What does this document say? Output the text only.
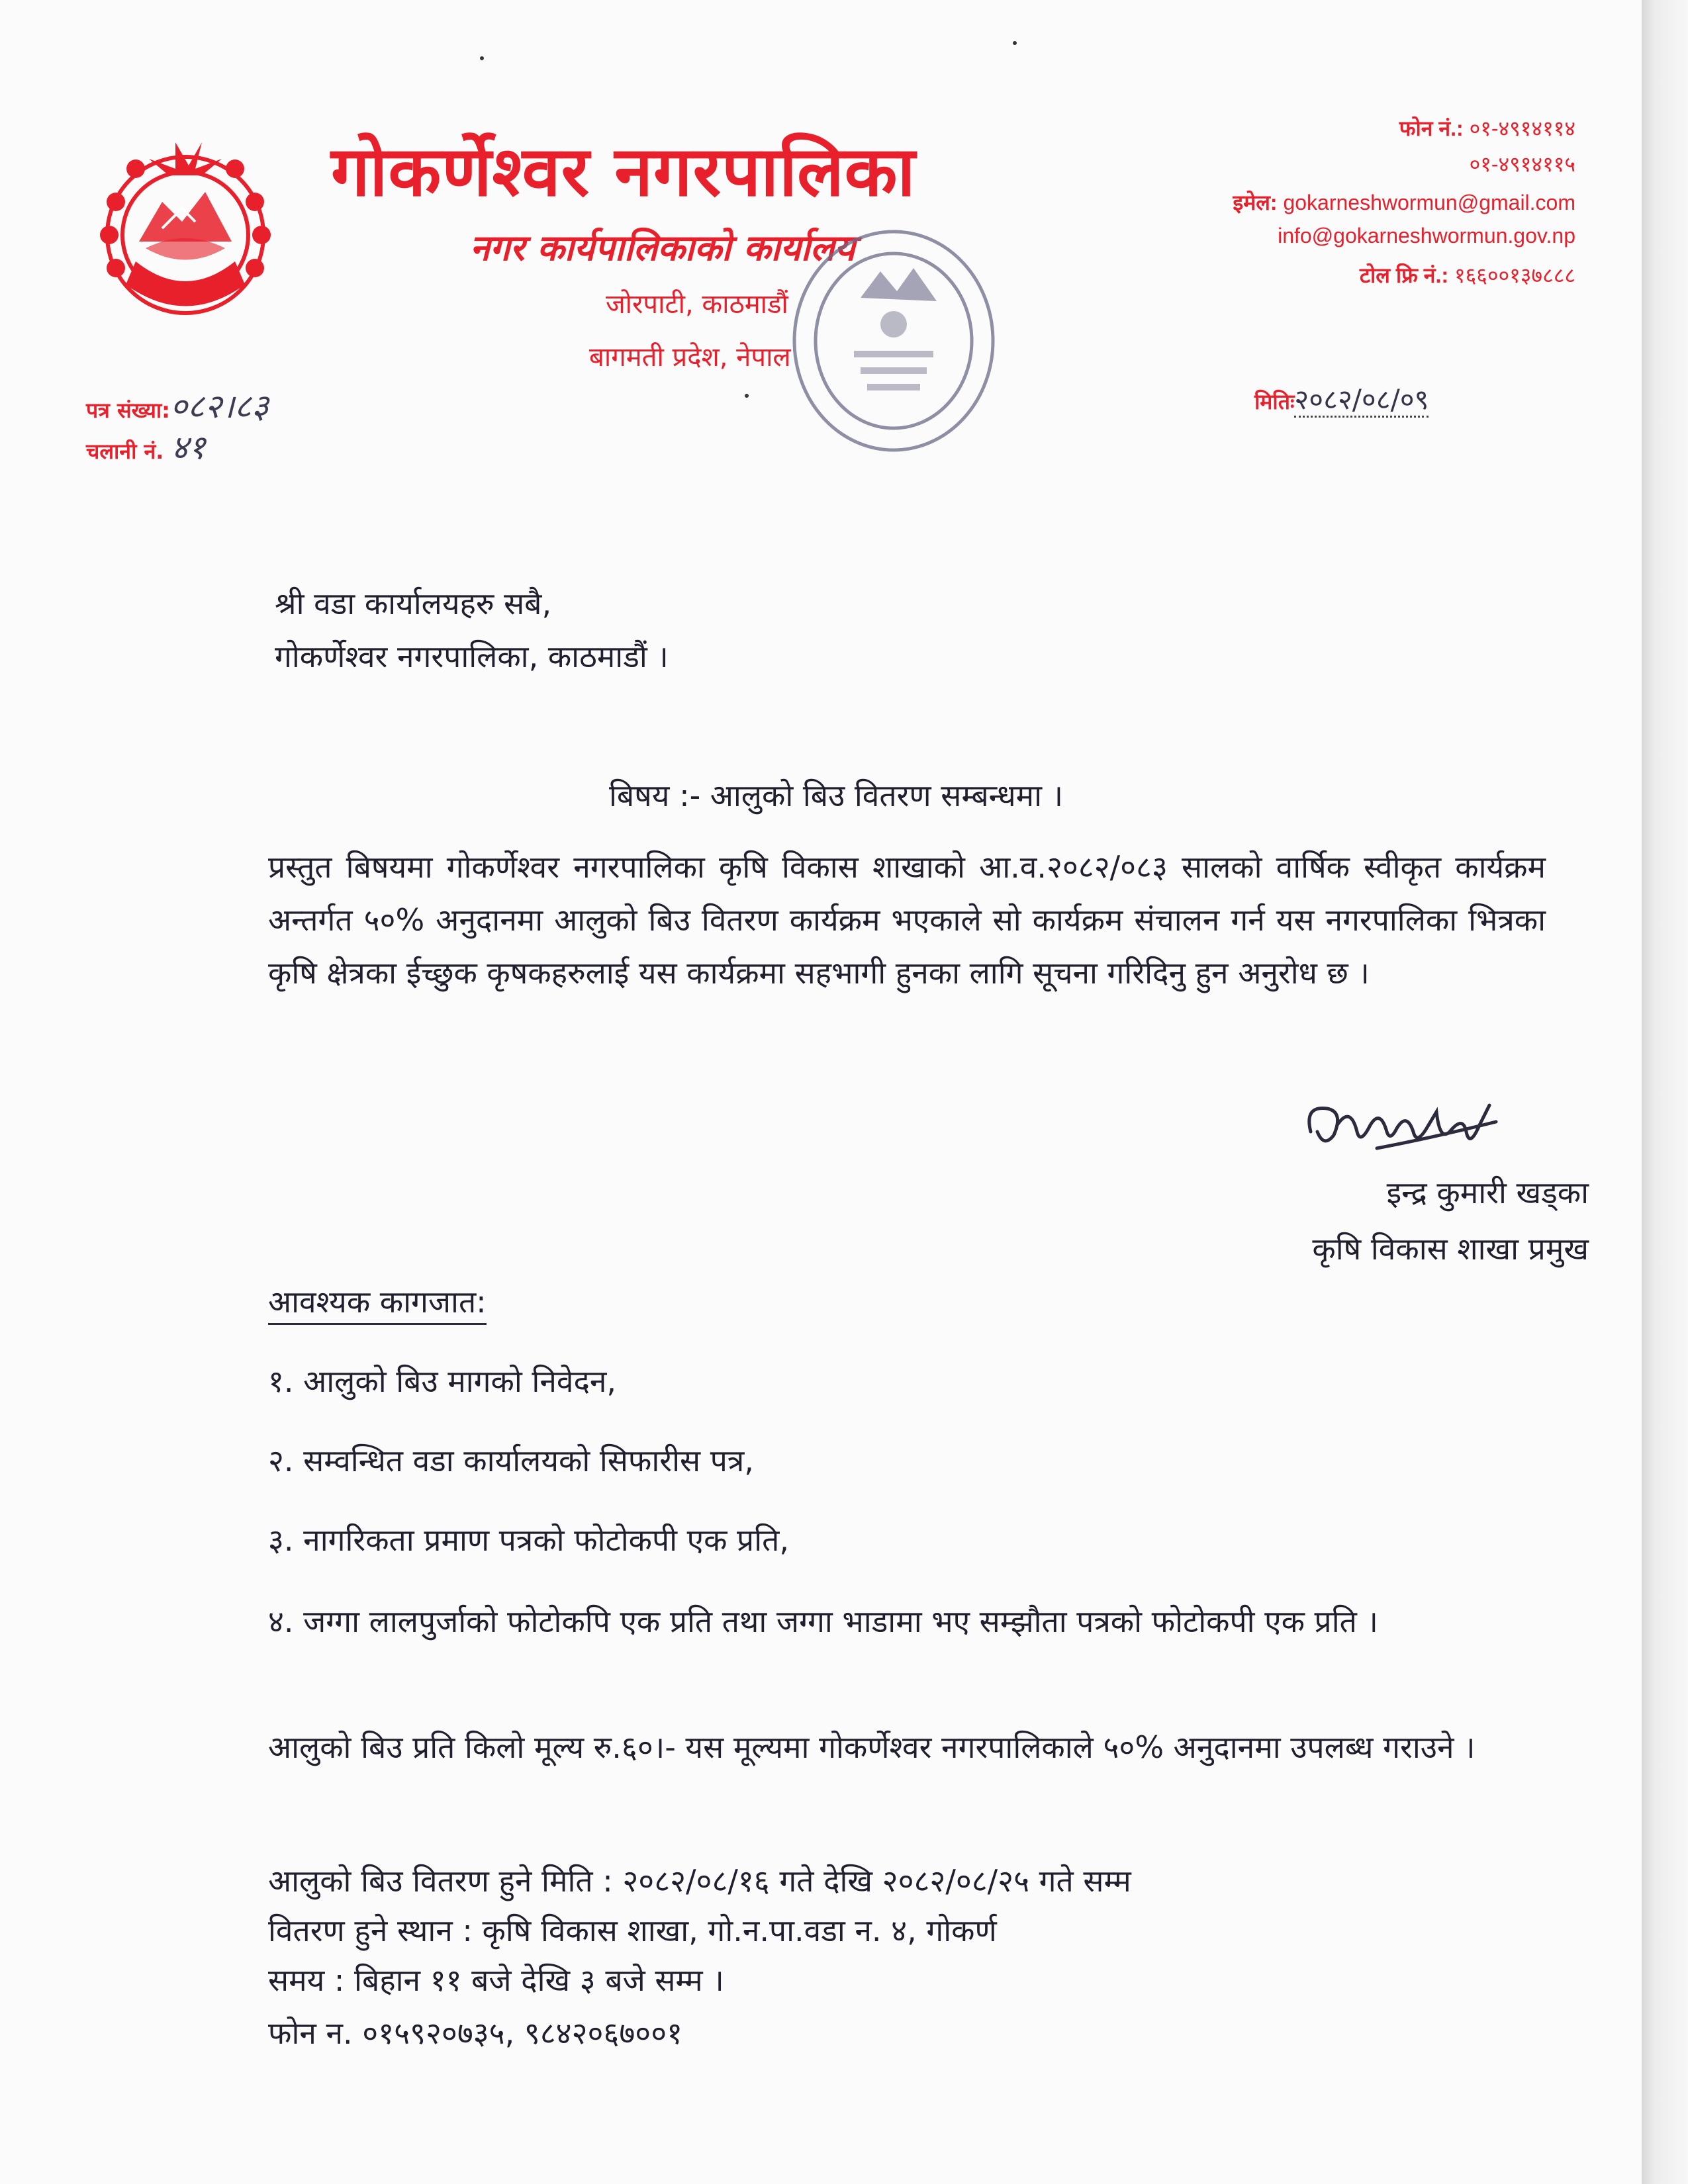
गोकर्णेश्वर नगरपालिका
नगर कार्यपालिकाको कार्यालय
जोरपाटी, काठमाडौं
बागमती प्रदेश, नेपाल
फोन नं.: ०१-४९१४११४
०१-४९१४११५
इमेल: gokarneshwormun@gmail.com
info@gokarneshwormun.gov.np
टोल फ्रि नं.: १६६००१३७८८८
पत्र संख्या:०८२।८३
चलानी नं. ४१
मितिः२०८२/०८/०९
श्री वडा कार्यालयहरु सबै,
गोकर्णेश्वर नगरपालिका, काठमाडौं ।
बिषय :- आलुको बिउ वितरण सम्बन्धमा ।
प्रस्तुत बिषयमा गोकर्णेश्वर नगरपालिका कृषि विकास शाखाको आ.व.२०८२/०८३ सालको वार्षिक स्वीकृत कार्यक्रम अन्तर्गत ५०% अनुदानमा आलुको बिउ वितरण कार्यक्रम भएकाले सो कार्यक्रम संचालन गर्न यस नगरपालिका भित्रका कृषि क्षेत्रका ईच्छुक कृषकहरुलाई यस कार्यक्रमा सहभागी हुनका लागि सूचना गरिदिनु हुन अनुरोध छ ।
इन्द्र कुमारी खड्का
कृषि विकास शाखा प्रमुख
आवश्यक कागजात:
१. आलुको बिउ मागको निवेदन,
२. सम्वन्धित वडा कार्यालयको सिफारीस पत्र,
३. नागरिकता प्रमाण पत्रको फोटोकपी एक प्रति,
४. जग्गा लालपुर्जाको फोटोकपि एक प्रति तथा जग्गा भाडामा भए सम्झौता पत्रको फोटोकपी एक प्रति ।
आलुको बिउ प्रति किलो मूल्य रु.६०।- यस मूल्यमा गोकर्णेश्वर नगरपालिकाले ५०% अनुदानमा उपलब्ध गराउने ।
आलुको बिउ वितरण हुने मिति : २०८२/०८/१६ गते देखि २०८२/०८/२५ गते सम्म
वितरण हुने स्थान : कृषि विकास शाखा, गो.न.पा.वडा न. ४, गोकर्ण
समय : बिहान ११ बजे देखि ३ बजे सम्म ।
फोन न. ०१५९२०७३५, ९८४२०६७००१
